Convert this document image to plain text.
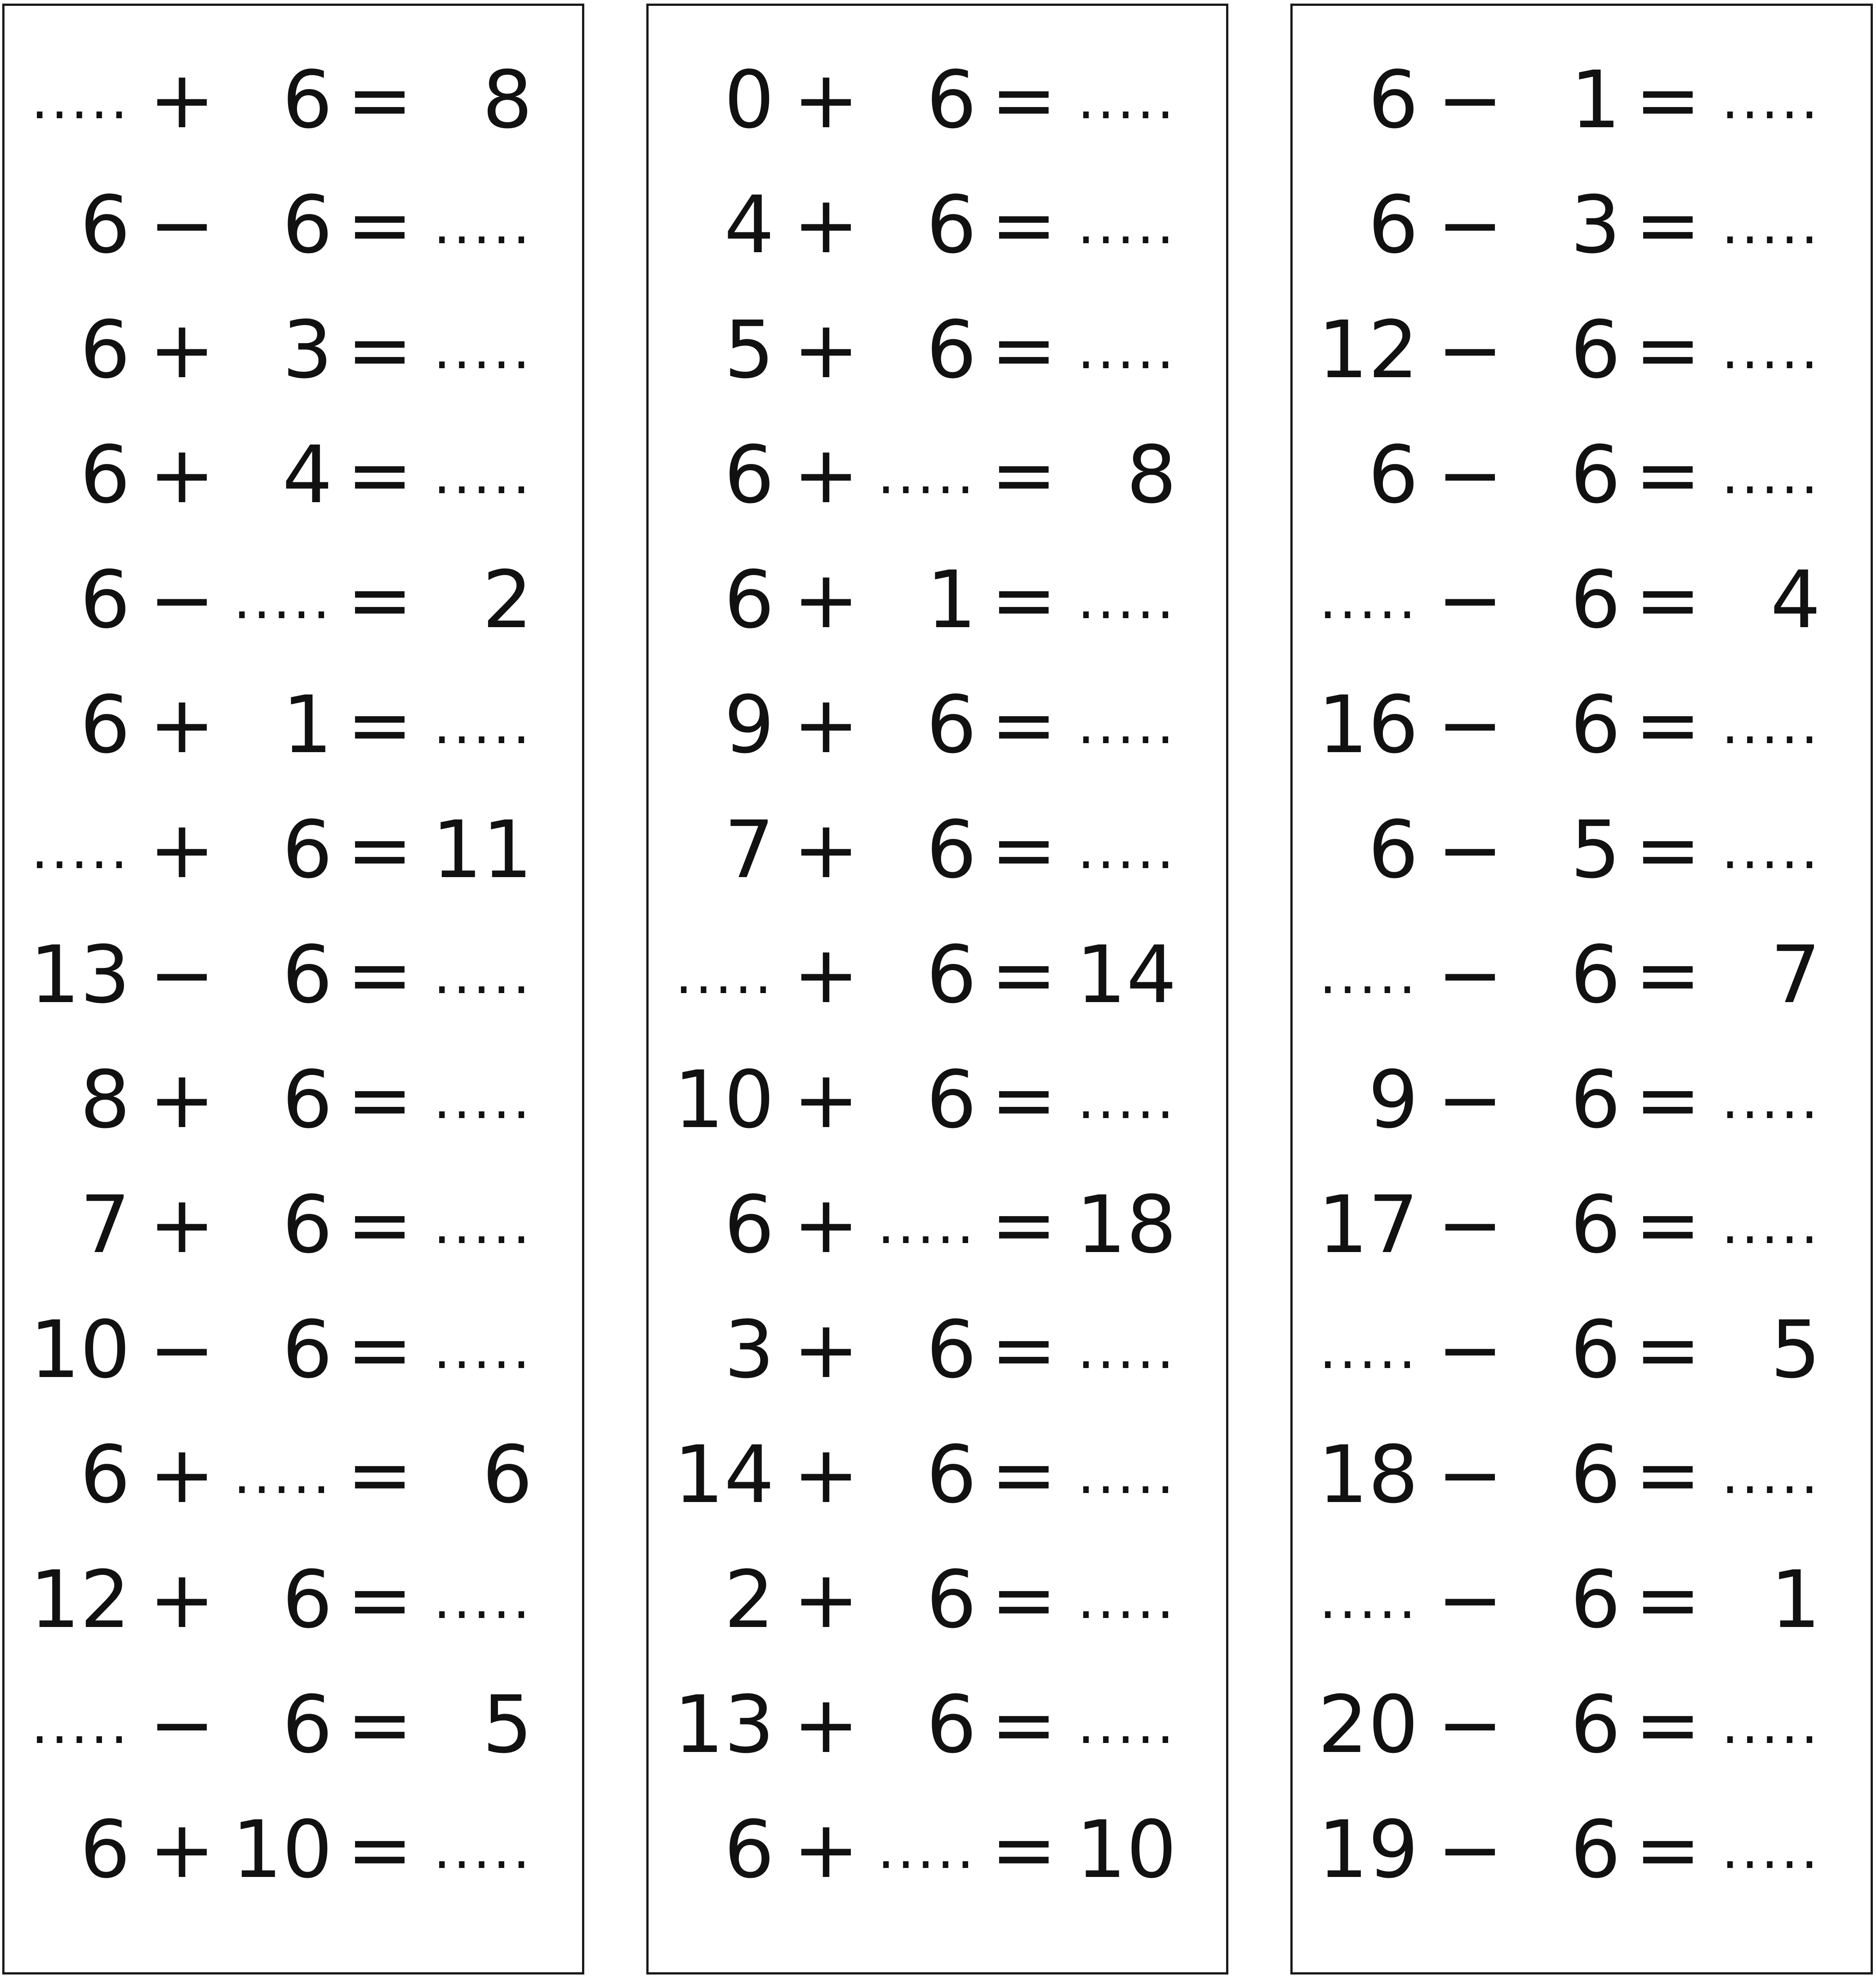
..... + 6 = 8
6 − 6 = .....
6 + 3 = .....
6 + 4 = .....
6 − ..... = 2
6 + 1 = .....
..... + 6 = 11
13 − 6 = .....
8 + 6 = .....
7 + 6 = .....
10 − 6 = .....
6 + ..... = 6
12 + 6 = .....
..... − 6 = 5
6 + 10 = .....
0 + 6 = .....
4 + 6 = .....
5 + 6 = .....
6 + ..... = 8
6 + 1 = .....
9 + 6 = .....
7 + 6 = .....
..... + 6 = 14
10 + 6 = .....
6 + ..... = 18
3 + 6 = .....
14 + 6 = .....
2 + 6 = .....
13 + 6 = .....
6 + ..... = 10
6 − 1 = .....
6 − 3 = .....
12 − 6 = .....
6 − 6 = .....
..... − 6 = 4
16 − 6 = .....
6 − 5 = .....
..... − 6 = 7
9 − 6 = .....
17 − 6 = .....
..... − 6 = 5
18 − 6 = .....
..... − 6 = 1
20 − 6 = .....
19 − 6 = .....
